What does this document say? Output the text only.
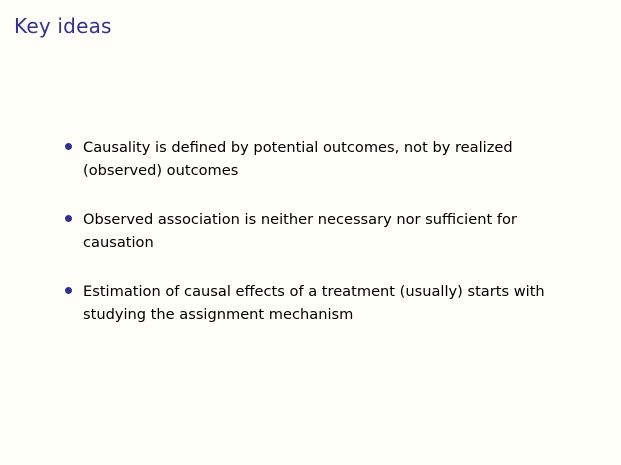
Key ideas
Causality is defined by potential outcomes, not by realized (observed) outcomes
Observed association is neither necessary nor sufficient for causation
Estimation of causal effects of a treatment (usually) starts with studying the assignment mechanism
